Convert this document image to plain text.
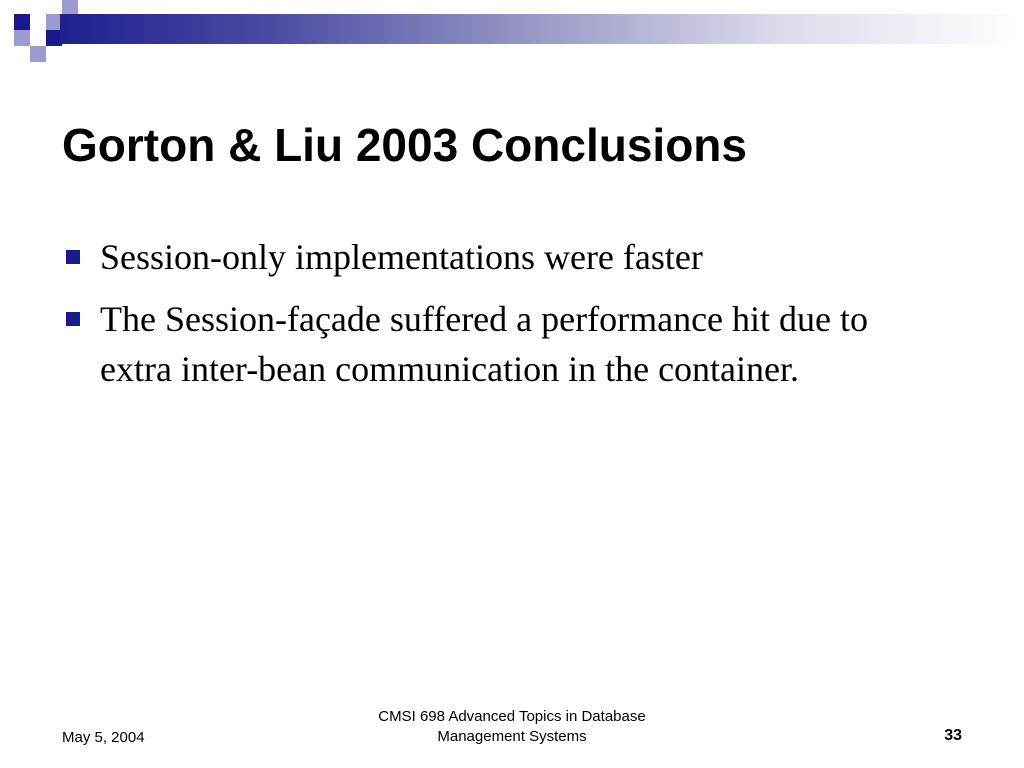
Gorton & Liu 2003 Conclusions
Session-only implementations were faster
The Session-façade suffered a performance hit due to extra inter-bean communication in the container.
May 5, 2004
CMSI 698 Advanced Topics in Database
Management Systems	33
